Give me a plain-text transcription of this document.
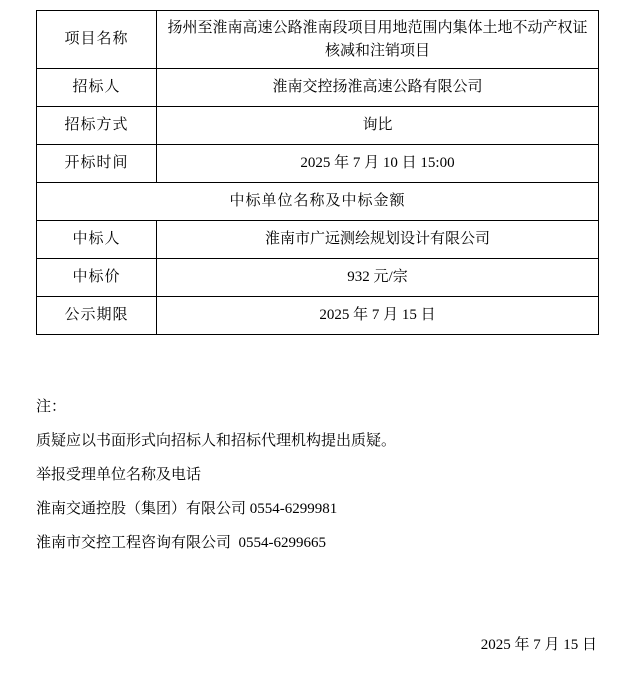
项目名称	扬州至淮南高速公路淮南段项目用地范围内集体土地不动产权证核减和注销项目
招标人	淮南交控扬淮高速公路有限公司
招标方式	询比
开标时间	2025 年 7 月 10 日 15:00
中标单位名称及中标金额	
中标人	淮南市广远测绘规划设计有限公司
中标价	932 元/宗
公示期限	2025 年 7 月 15 日

注：

质疑应以书面形式向招标人和招标代理机构提出质疑。

举报受理单位名称及电话

淮南交通控股（集团）有限公司 0554-6299981

淮南市交控工程咨询有限公司  0554-6299665

2025 年 7 月 15 日
